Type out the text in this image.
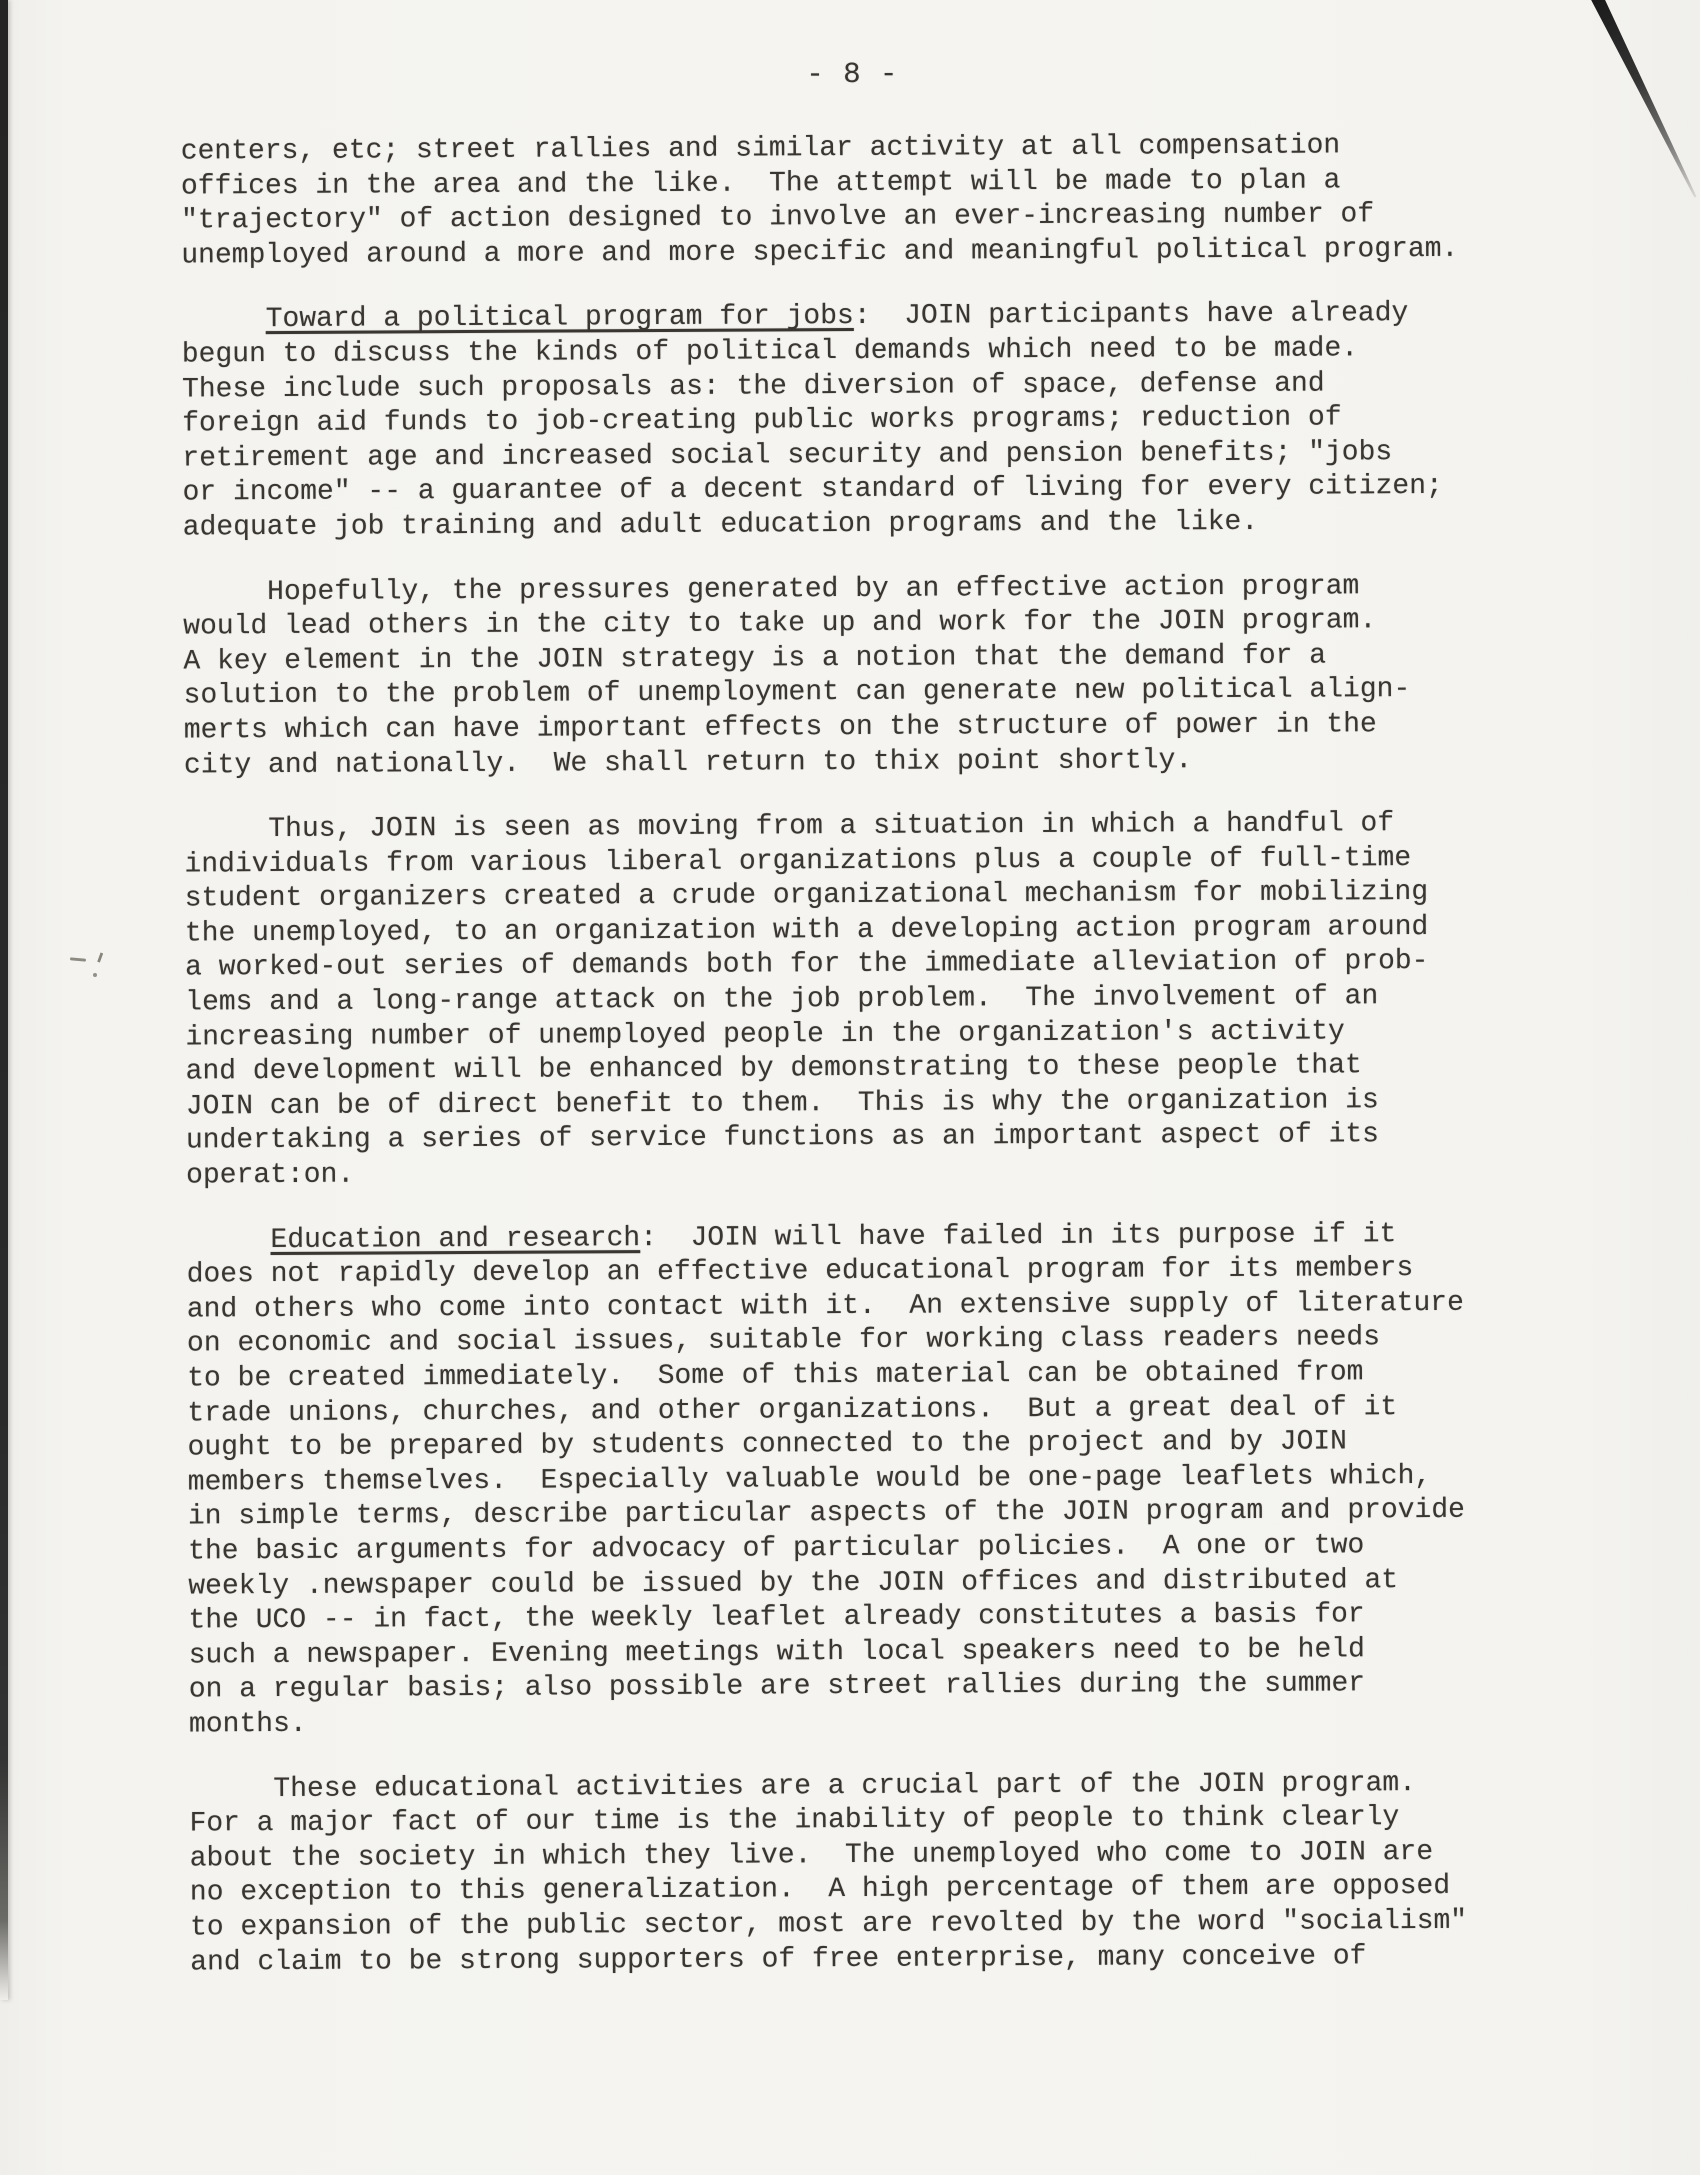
- 8 -
centers, etc; street rallies and similar activity at all compensation
offices in the area and the like.  The attempt will be made to plan a
"trajectory" of action designed to involve an ever-increasing number of
unemployed around a more and more specific and meaningful political program.
Toward a political program for jobs:  JOIN participants have already
begun to discuss the kinds of political demands which need to be made.
These include such proposals as: the diversion of space, defense and
foreign aid funds to job-creating public works programs; reduction of
retirement age and increased social security and pension benefits; "jobs
or income" -- a guarantee of a decent standard of living for every citizen;
adequate job training and adult education programs and the like.
Hopefully, the pressures generated by an effective action program
would lead others in the city to take up and work for the JOIN program.
A key element in the JOIN strategy is a notion that the demand for a
solution to the problem of unemployment can generate new political align-
merts which can have important effects on the structure of power in the
city and nationally.  We shall return to thix point shortly.
Thus, JOIN is seen as moving from a situation in which a handful of
individuals from various liberal organizations plus a couple of full-time
student organizers created a crude organizational mechanism for mobilizing
the unemployed, to an organization with a developing action program around
a worked-out series of demands both for the immediate alleviation of prob-
lems and a long-range attack on the job problem.  The involvement of an
increasing number of unemployed people in the organization's activity
and development will be enhanced by demonstrating to these people that
JOIN can be of direct benefit to them.  This is why the organization is
undertaking a series of service functions as an important aspect of its
operat:on.
Education and research:  JOIN will have failed in its purpose if it
does not rapidly develop an effective educational program for its members
and others who come into contact with it.  An extensive supply of literature
on economic and social issues, suitable for working class readers needs
to be created immediately.  Some of this material can be obtained from
trade unions, churches, and other organizations.  But a great deal of it
ought to be prepared by students connected to the project and by JOIN
members themselves.  Especially valuable would be one-page leaflets which,
in simple terms, describe particular aspects of the JOIN program and provide
the basic arguments for advocacy of particular policies.  A one or two
weekly .newspaper could be issued by the JOIN offices and distributed at
the UCO -- in fact, the weekly leaflet already constitutes a basis for
such a newspaper. Evening meetings with local speakers need to be held
on a regular basis; also possible are street rallies during the summer
months.
These educational activities are a crucial part of the JOIN program.
For a major fact of our time is the inability of people to think clearly
about the society in which they live.  The unemployed who come to JOIN are
no exception to this generalization.  A high percentage of them are opposed
to expansion of the public sector, most are revolted by the word "socialism"
and claim to be strong supporters of free enterprise, many conceive of
